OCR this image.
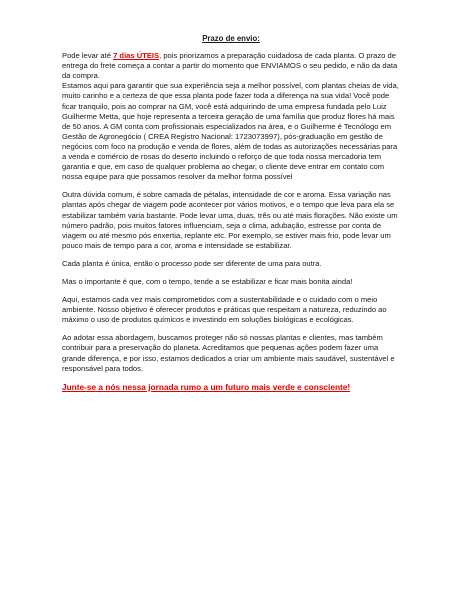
Prazo de envio:

Pode levar até 7 dias ÚTEIS, pois priorizamos a preparação cuidadosa de cada planta. O prazo de entrega do frete começa a contar a partir do momento que ENVIAMOS o seu pedido, e não da data da compra.
Estamos aqui para garantir que sua experiência seja a melhor possível, com plantas cheias de vida, muito carinho e a certeza de que essa planta pode fazer toda a diferença na sua vida! Você pode ficar tranquilo, pois ao comprar na GM, você está adquirindo de uma empresa fundada pelo Luiz Guilherme Metta, que hoje representa a terceira geração de uma família que produz flores há mais de 50 anos. A GM conta com profissionais especializados na área, e o Guilherme é Tecnólogo em Gestão de Agronegócio ( CREA Registro Nacional: 1723073997), pós-graduação em gestão de negócios com foco na produção e venda de flores, além de todas as autorizações necessárias para a venda e comércio de rosas do deserto incluindo o reforço de que toda nossa mercadoria tem garantia e que, em caso de qualquer problema ao chegar, o cliente deve entrar em contato com nossa equipe para que possamos resolver da melhor forma possível

Outra dúvida comum, é sobre camada de pétalas, intensidade de cor e aroma. Essa variação nas plantas após chegar de viagem pode acontecer por vários motivos, e o tempo que leva para ela se estabilizar também varia bastante. Pode levar uma, duas, três ou até mais florações. Não existe um número padrão, pois muitos fatores influenciam, seja o clima, adubação, estresse por conta de viagem ou até mesmo pós enxertia, replante etc. Por exemplo, se estiver mais frio, pode levar um pouco mais de tempo para a cor, aroma e intensidade se estabilizar.

Cada planta é única, então o processo pode ser diferente de uma para outra.

Mas o importante é que, com o tempo, tende a se estabilizar e ficar mais bonita ainda!

Aqui, estamos cada vez mais comprometidos com a sustentabilidade e o cuidado com o meio ambiente. Nosso objetivo é oferecer produtos e práticas que respeitam a natureza, reduzindo ao máximo o uso de produtos químicos e investindo em soluções biológicas e ecológicas.

Ao adotar essa abordagem, buscamos proteger não só nossas plantas e clientes, mas também contribuir para a preservação do planeta. Acreditamos que pequenas ações podem fazer uma grande diferença, e por isso, estamos dedicados a criar um ambiente mais saudável, sustentável e responsável para todos.

Junte-se a nós nessa jornada rumo a um futuro mais verde e consciente!
